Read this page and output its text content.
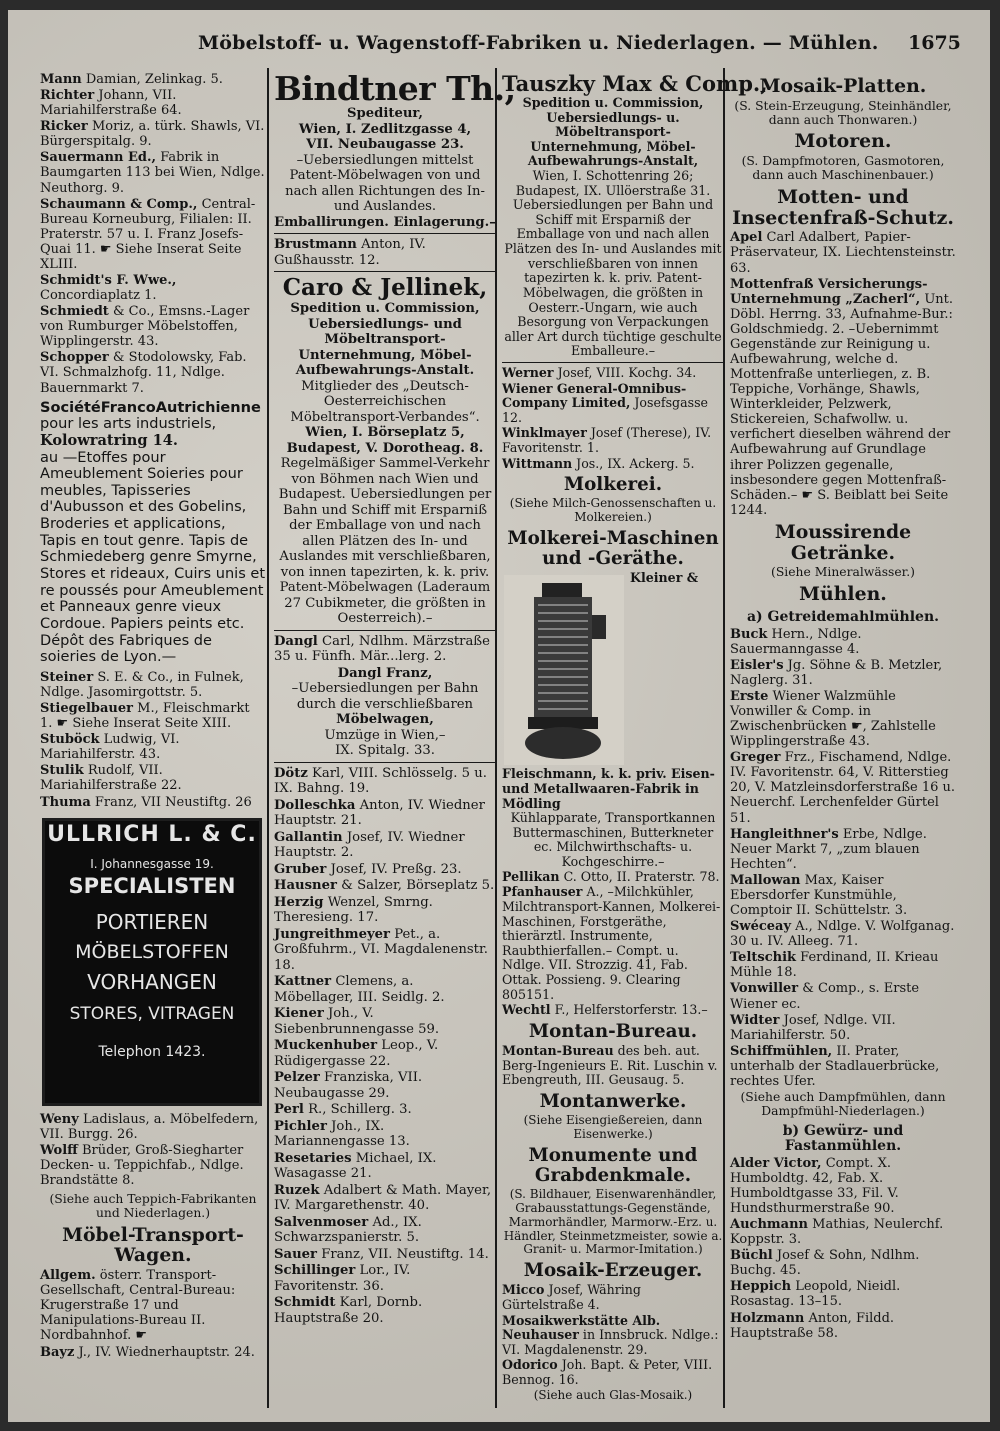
Möbelstoff- u. Wagenstoff-Fabriken u. Niederlagen. — Mühlen. 1675
Mann Damian, Zelinkag. 5.
Richter Johann, VII. Mariahilferstraße 64.
Ricker Moriz, a. türk. Shawls, VI. Bürgerspitalg. 9.
Sauermann Ed., Fabrik in Baumgarten 113 bei Wien, Ndlge. Neuthorg. 9.
Schaumann & Comp., Central-Bureau Korneuburg, Filialen: II. Praterstr. 57 u. I. Franz Josefs-Quai 11. ☛ Siehe Inserat Seite XLIII.
Schmidt's F. Wwe., Concordiaplatz 1.
Schmiedt & Co., Emsns.-Lager von Rumburger Möbelstoffen, Wipplingerstr. 43.
Schopper & Stodolowsky, Fab. VI. Schmalzhofg. 11, Ndlge. Bauernmarkt 7.
SociétéFrancoAutrichienne
pour les arts industriels,
Kolowratring 14.
au —Etoffes pour Ameublement Soieries pour meubles, Tapisseries d'Aubusson et des Gobelins, Broderies et applications, Tapis en tout genre. Tapis de Schmiedeberg genre Smyrne, Stores et rideaux, Cuirs unis et re poussés pour Ameublement et Panneaux genre vieux Cordoue. Papiers peints etc. Dépôt des Fabriques de soieries de Lyon.—
Steiner S. E. & Co., in Fulnek, Ndlge. Jasomirgottstr. 5.
Stiegelbauer M., Fleischmarkt 1. ☛ Siehe Inserat Seite XIII.
Stuböck Ludwig, VI. Mariahilferstr. 43.
Stulik Rudolf, VII. Mariahilferstraße 22.
Thuma Franz, VII Neustiftg. 26
ULLRICH L. & C.
I. Johannesgasse 19.
SPECIALISTEN
PORTIEREN
MÖBELSTOFFEN
VORHANGEN
STORES, VITRAGEN
Telephon 1423.
Weny Ladislaus, a. Möbelfedern, VII. Burgg. 26.
Wolff Brüder, Groß-Siegharter Decken- u. Teppichfab., Ndlge. Brandstätte 8.
(Siehe auch Teppich-Fabrikanten und Niederlagen.)
Möbel-Transport-Wagen.
Allgem. österr. Transport-Gesellschaft, Central-Bureau: Krugerstraße 17 und Manipulations-Bureau II. Nordbahnhof. ☛
Bayz J., IV. Wiednerhauptstr. 24.
Bindtner Th.,
Spediteur,
Wien, I. Zedlitzgasse 4,
VII. Neubaugasse 23.
–Uebersiedlungen mittelst Patent-Möbelwagen von und nach allen Richtungen des In- und Auslandes.
Emballirungen. Einlagerung.–
Brustmann Anton, IV. Gußhausstr. 12.
Caro & Jellinek,
Spedition u. Commission, Uebersiedlungs- und Möbeltransport-Unternehmung, Möbel-Aufbewahrungs-Anstalt.
Mitglieder des „Deutsch-Oesterreichischen Möbeltransport-Verbandes“.
Wien, I. Börseplatz 5, Budapest, V. Dorotheag. 8.
Regelmäßiger Sammel-Verkehr von Böhmen nach Wien und Budapest. Uebersiedlungen per Bahn und Schiff mit Ersparniß der Emballage von und nach allen Plätzen des In- und Auslandes mit verschließbaren, von innen tapezirten, k. k. priv. Patent-Möbelwagen (Laderaum 27 Cubikmeter, die größten in Oesterreich).–
Dangl Carl, Ndlhm. Märzstraße 35 u. Fünfh. Mär...lerg. 2.
Dangl Franz,
–Uebersiedlungen per Bahn durch die verschließbaren
Möbelwagen,
Umzüge in Wien,–
IX. Spitalg. 33.
Dötz Karl, VIII. Schlösselg. 5 u. IX. Bahng. 19.
Dolleschka Anton, IV. Wiedner Hauptstr. 21.
Gallantin Josef, IV. Wiedner Hauptstr. 2.
Gruber Josef, IV. Preßg. 23.
Hausner & Salzer, Börseplatz 5.
Herzig Wenzel, Smrng. Theresieng. 17.
Jungreithmeyer Pet., a. Großfuhrm., VI. Magdalenenstr. 18.
Kattner Clemens, a. Möbellager, III. Seidlg. 2.
Kiener Joh., V. Siebenbrunnengasse 59.
Muckenhuber Leop., V. Rüdigergasse 22.
Pelzer Franziska, VII. Neubaugasse 29.
Perl R., Schillerg. 3.
Pichler Joh., IX. Mariannengasse 13.
Resetaries Michael, IX. Wasagasse 21.
Ruzek Adalbert & Math. Mayer, IV. Margarethenstr. 40.
Salvenmoser Ad., IX. Schwarzspanierstr. 5.
Sauer Franz, VII. Neustiftg. 14.
Schillinger Lor., IV. Favoritenstr. 36.
Schmidt Karl, Dornb. Hauptstraße 20.
Tauszky Max & Comp.,
Spedition u. Commission, Uebersiedlungs- u. Möbeltransport-Unternehmung, Möbel-Aufbewahrungs-Anstalt,
Wien, I. Schottenring 26; Budapest, IX. Ullöerstraße 31. Uebersiedlungen per Bahn und Schiff mit Ersparniß der Emballage von und nach allen Plätzen des In- und Auslandes mit verschließbaren von innen tapezirten k. k. priv. Patent-Möbelwagen, die größten in Oesterr.-Ungarn, wie auch Besorgung von Verpackungen aller Art durch tüchtige geschulte Emballeure.–
Werner Josef, VIII. Kochg. 34.
Wiener General-Omnibus-Company Limited, Josefsgasse 12.
Winklmayer Josef (Therese), IV. Favoritenstr. 1.
Wittmann Jos., IX. Ackerg. 5.
Molkerei.
(Siehe Milch-Genossenschaften u. Molkereien.)
Molkerei-Maschinen und -Geräthe.
Kleiner & Fleischmann, k. k. priv. Eisen- und Metallwaaren-Fabrik in Mödling
Kühlapparate, Transportkannen Buttermaschinen, Butterkneter ec. Milchwirthschafts- u. Kochgeschirre.–
Pellikan C. Otto, II. Praterstr. 78.
Pfanhauser A., –Milchkühler, Milchtransport-Kannen, Molkerei-Maschinen, Forstgeräthe, thierärztl. Instrumente, Raubthierfallen.– Compt. u. Ndlge. VII. Strozzig. 41, Fab. Ottak. Possieng. 9. Clearing 805151.
Wechtl F., Helferstorferstr. 13.–
Montan-Bureau.
Montan-Bureau des beh. aut. Berg-Ingenieurs E. Rit. Luschin v. Ebengreuth, III. Geusaug. 5.
Montanwerke.
(Siehe Eisengießereien, dann Eisenwerke.)
Monumente und Grabdenkmale.
(S. Bildhauer, Eisenwarenhändler, Grabausstattungs-Gegenstände, Marmorhändler, Marmorw.-Erz. u. Händler, Steinmetzmeister, sowie a. Granit- u. Marmor-Imitation.)
Mosaik-Erzeuger.
Micco Josef, Währing Gürtelstraße 4.
Mosaikwerkstätte Alb. Neuhauser in Innsbruck. Ndlge.: VI. Magdalenenstr. 29.
Odorico Joh. Bapt. & Peter, VIII. Bennog. 16.
(Siehe auch Glas-Mosaik.)
Mosaik-Platten.
(S. Stein-Erzeugung, Steinhändler, dann auch Thonwaren.)
Motoren.
(S. Dampfmotoren, Gasmotoren, dann auch Maschinenbauer.)
Motten- und Insectenfraß-Schutz.
Apel Carl Adalbert, Papier-Präservateur, IX. Liechtensteinstr. 63.
Mottenfraß Versicherungs-Unternehmung „Zacherl“, Unt. Döbl. Herrng. 33, Aufnahme-Bur.: Goldschmiedg. 2. –Uebernimmt Gegenstände zur Reinigung u. Aufbewahrung, welche d. Mottenfraße unterliegen, z. B. Teppiche, Vorhänge, Shawls, Winterkleider, Pelzwerk, Stickereien, Schafwollw. u. verfichert dieselben während der Aufbewahrung auf Grundlage ihrer Polizzen gegenalle, insbesondere gegen Mottenfraß-Schäden.– ☛ S. Beiblatt bei Seite 1244.
Moussirende Getränke.
(Siehe Mineralwässer.)
Mühlen.
a) Getreidemahlmühlen.
Buck Hern., Ndlge. Sauermanngasse 4.
Eisler's Jg. Söhne & B. Metzler, Naglerg. 31.
Erste Wiener Walzmühle Vonwiller & Comp. in Zwischenbrücken ☛, Zahlstelle Wipplingerstraße 43.
Greger Frz., Fischamend, Ndlge. IV. Favoritenstr. 64, V. Ritterstieg 20, V. Matzleinsdorferstraße 16 u. Neuerchf. Lerchenfelder Gürtel 51.
Hangleithner's Erbe, Ndlge. Neuer Markt 7, „zum blauen Hechten“.
Mallowan Max, Kaiser Ebersdorfer Kunstmühle, Comptoir II. Schüttelstr. 3.
Swéceay A., Ndlge. V. Wolfganag. 30 u. IV. Alleeg. 71.
Teltschik Ferdinand, II. Krieau Mühle 18.
Vonwiller & Comp., s. Erste Wiener ec.
Widter Josef, Ndlge. VII. Mariahilferstr. 50.
Schiffmühlen, II. Prater, unterhalb der Stadlauerbrücke, rechtes Ufer.
(Siehe auch Dampfmühlen, dann Dampfmühl-Niederlagen.)
b) Gewürz- und Fastanmühlen.
Alder Victor, Compt. X. Humboldtg. 42, Fab. X. Humboldtgasse 33, Fil. V. Hundsthurmerstraße 90.
Auchmann Mathias, Neulerchf. Koppstr. 3.
Büchl Josef & Sohn, Ndlhm. Buchg. 45.
Heppich Leopold, Nieidl. Rosastag. 13–15.
Holzmann Anton, Fildd. Hauptstraße 58.
